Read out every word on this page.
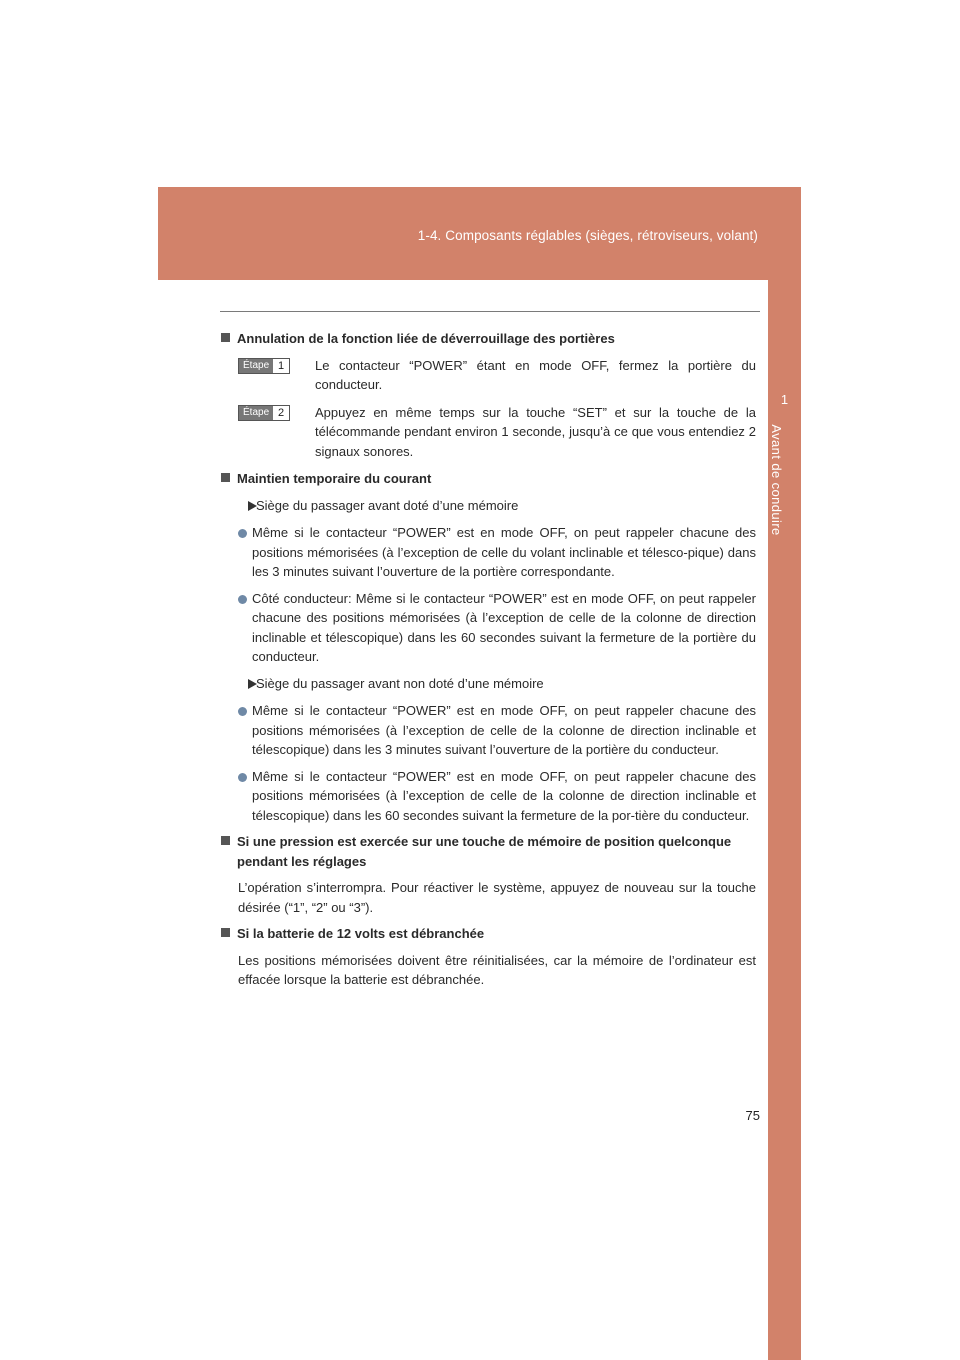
1-4. Composants réglables (sièges, rétroviseurs, volant)
1
Avant de conduire
Annulation de la fonction liée de déverrouillage des portières
Étape 1	Le contacteur “POWER” étant en mode OFF, fermez la portière du conducteur.
Étape 2	Appuyez en même temps sur la touche “SET” et sur la touche de la télécommande pendant environ 1 seconde, jusqu’à ce que vous entendiez 2 signaux sonores.
Maintien temporaire du courant
Siège du passager avant doté d’une mémoire
Même si le contacteur “POWER” est en mode OFF, on peut rappeler chacune des positions mémorisées (à l’exception de celle du volant inclinable et télesco-pique) dans les 3 minutes suivant l’ouverture de la portière correspondante.
Côté conducteur: Même si le contacteur “POWER” est en mode OFF, on peut rappeler chacune des positions mémorisées (à l’exception de celle de la colonne de direction inclinable et télescopique) dans les 60 secondes suivant la fermeture de la portière du conducteur.
Siège du passager avant non doté d’une mémoire
Même si le contacteur “POWER” est en mode OFF, on peut rappeler chacune des positions mémorisées (à l’exception de celle de la colonne de direction inclinable et télescopique) dans les 3 minutes suivant l’ouverture de la portière du conducteur.
Même si le contacteur “POWER” est en mode OFF, on peut rappeler chacune des positions mémorisées (à l’exception de celle de la colonne de direction inclinable et télescopique) dans les 60 secondes suivant la fermeture de la por-tière du conducteur.
Si une pression est exercée sur une touche de mémoire de position quelconque pendant les réglages
L’opération s’interrompra. Pour réactiver le système, appuyez de nouveau sur la touche désirée (“1”, “2” ou “3”).
Si la batterie de 12 volts est débranchée
Les positions mémorisées doivent être réinitialisées, car la mémoire de l’ordinateur est effacée lorsque la batterie est débranchée.
75
